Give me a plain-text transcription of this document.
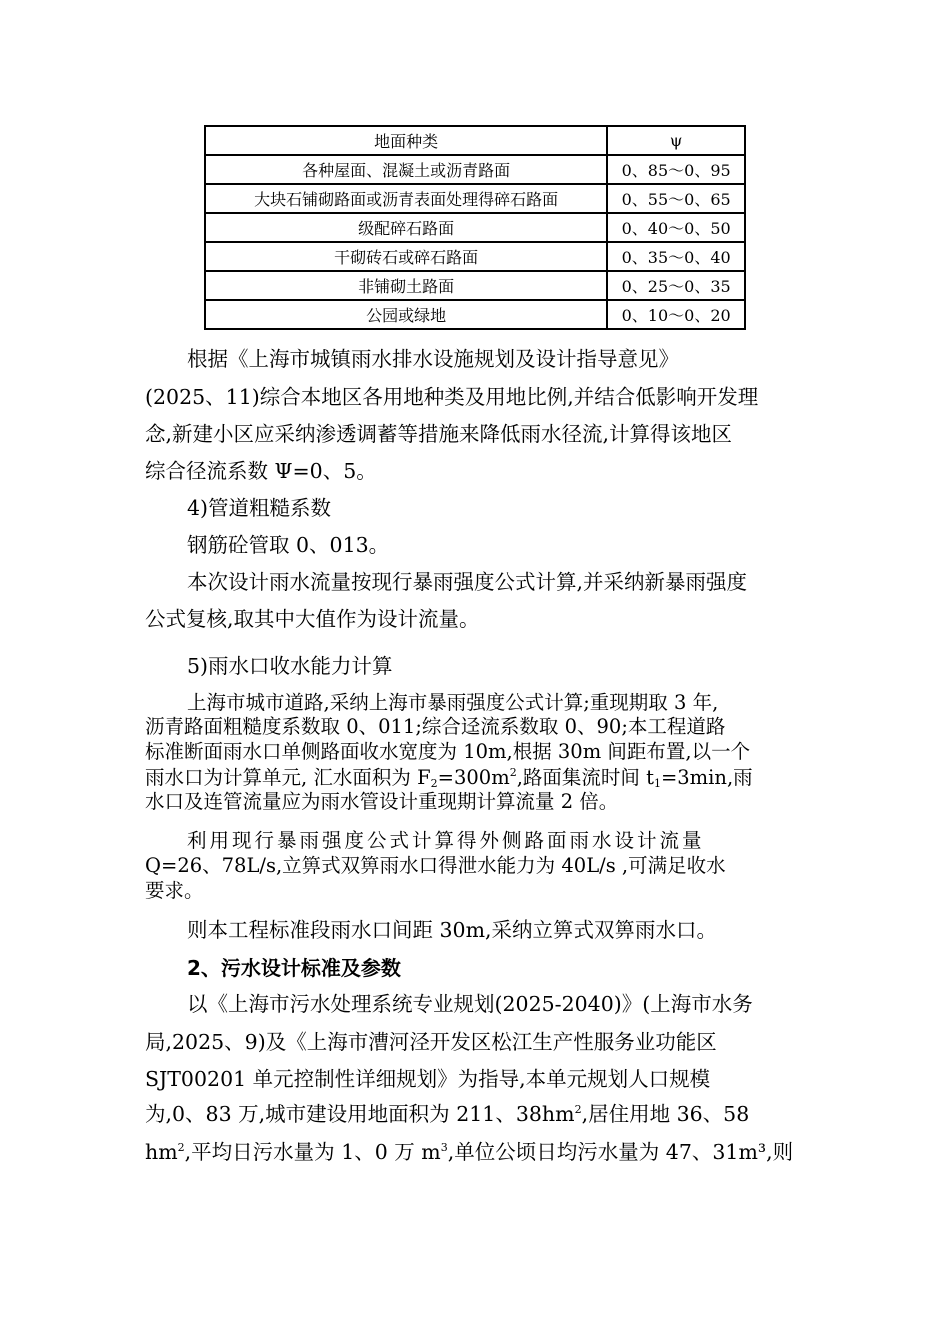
地面种类	ψ
各种屋面、混凝土或沥青路面	0、85～0、95
大块石铺砌路面或沥青表面处理得碎石路面	0、55～0、65
级配碎石路面	0、40～0、50
干砌砖石或碎石路面	0、35～0、40
非铺砌土路面	0、25～0、35
公园或绿地	0、10～0、20
根据《上海市城镇雨水排水设施规划及设计指导意见》
(2025、11)综合本地区各用地种类及用地比例,并结合低影响开发理
念,新建小区应采纳渗透调蓄等措施来降低雨水径流,计算得该地区
综合径流系数 Ψ=0、5。
4)管道粗糙系数
钢筋砼管取 0、013。
本次设计雨水流量按现行暴雨强度公式计算,并采纳新暴雨强度
公式复核,取其中大值作为设计流量。
5)雨水口收水能力计算
上海市城市道路,采纳上海市暴雨强度公式计算;重现期取 3 年,
沥青路面粗糙度系数取 0、011;综合迳流系数取 0、90;本工程道路
标准断面雨水口单侧路面收水宽度为 10m,根据 30m 间距布置,以一个
雨水口为计算单元, 汇水面积为 $F_2=300m^2$,路面集流时间 $t_1=3\min$,雨
水口及连管流量应为雨水管设计重现期计算流量 2 倍。
利用现行暴雨强度公式计算得外侧路面雨水设计流量
Q=26、78L/s,立箅式双箅雨水口得泄水能力为 40L/s ,可满足收水
要求。
则本工程标准段雨水口间距 30m,采纳立箅式双箅雨水口。
2、污水设计标准及参数
以《上海市污水处理系统专业规划(2025-2040)》(上海市水务
局,2025、9)及《上海市漕河泾开发区松江生产性服务业功能区
SJT00201 单元控制性详细规划》为指导,本单元规划人口规模
为,0、83 万,城市建设用地面积为 211、$38hm^2$,居住用地 36、58
$hm^2$,平均日污水量为 1、0 万 $m^3$,单位公顷日均污水量为 47、31m³,则
